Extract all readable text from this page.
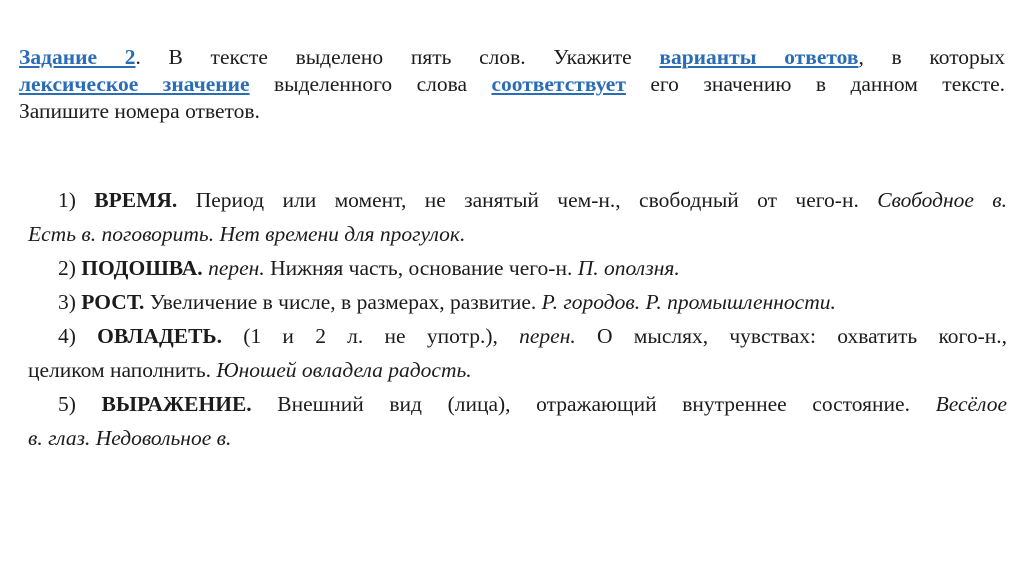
Задание 2. В тексте выделено пять слов. Укажите варианты ответов, в которых
лексическое значение выделенного слова соответствует его значению в данном тексте.
Запишите номера ответов.
1) ВРЕМЯ. Период или момент, не занятый чем-н., свободный от чего-н. Свободное в.
Есть в. поговорить. Нет времени для прогулок.
2) ПОДОШВА. перен. Нижняя часть, основание чего-н. П. оползня.
3) РОСТ. Увеличение в числе, в размерах, развитие. Р. городов. Р. промышленности.
4) ОВЛАДЕТЬ. (1 и 2 л. не употр.), перен. О мыслях, чувствах: охватить кого-н.,
целиком наполнить. Юношей овладела радость.
5) ВЫРАЖЕНИЕ. Внешний вид (лица), отражающий внутреннее состояние. Весёлое
в. глаз. Недовольное в.
